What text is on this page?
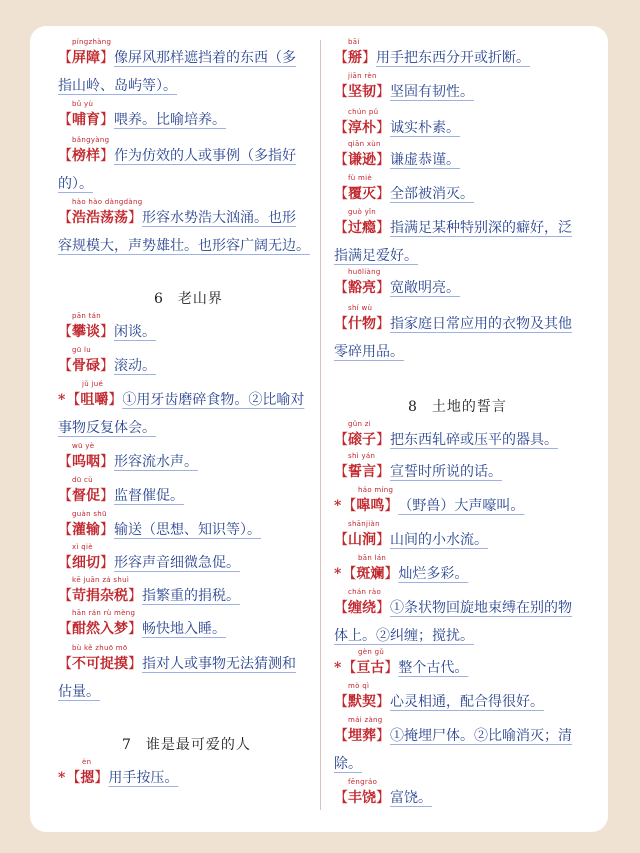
【屏障】 像屏风那样遮挡着的东西（多
píngzhàng
指山岭、岛屿等）。
【哺育】 喂养。比喻培养。
bǔ yù
【榜样】 作为仿效的人或事例（多指好
bǎngyàng
的）。
【浩浩荡荡】 形容水势浩大汹涌。也形
hào hào dàngdàng
容规模大，声势雄壮。也形容广阔无边。
【攀谈】 闲谈。
pān tán
【骨碌】 滚动。
gū lu
* 【咀嚼】 ①用牙齿磨碎食物。②比喻对
jǔ jué
事物反复体会。
【呜咽】 形容流水声。
wū yè
【督促】 监督催促。
dū cù
【灌输】 输送（思想、知识等）。
guàn shū
【细切】 形容声音细微急促。
xì qiè
【苛捐杂税】 指繁重的捐税。
kē juān zá shuì
【酣然入梦】 畅快地入睡。
hān rán rù mèng
【不可捉摸】 指对人或事物无法猜测和
bù kě zhuō mō
估量。
* 【摁】 用手按压。
èn
【掰】 用手把东西分开或折断。
bāi
【坚韧】 坚固有韧性。
jiān rèn
【淳朴】 诚实朴素。
chún pǔ
【谦逊】 谦虚恭谨。
qiān xùn
【覆灭】 全部被消灭。
fù miè
【过瘾】 指满足某种特别深的癖好，泛
guò yǐn
指满足爱好。
【豁亮】 宽敞明亮。
huōliàng
【什物】 指家庭日常应用的衣物及其他
shí wù
零碎用品。
【磙子】 把东西轧碎或压平的器具。
gǔn zi
【誓言】 宣誓时所说的话。
shì yán
* 【嗥鸣】 （野兽）大声嚎叫。
háo míng
【山涧】 山间的小水流。
shānjiàn
* 【斑斓】 灿烂多彩。
bān lán
【缠绕】 ①条状物回旋地束缚在别的物
chán rào
体上。②纠缠；搅扰。
* 【亘古】 整个古代。
gèn gǔ
【默契】 心灵相通，配合得很好。
mò qì
【埋葬】 ①掩埋尸体。②比喻消灭；清
mái zàng
除。
【丰饶】 富饶。
fēngráo
6 老山界
7 谁是最可爱的人
8 土地的誓言
